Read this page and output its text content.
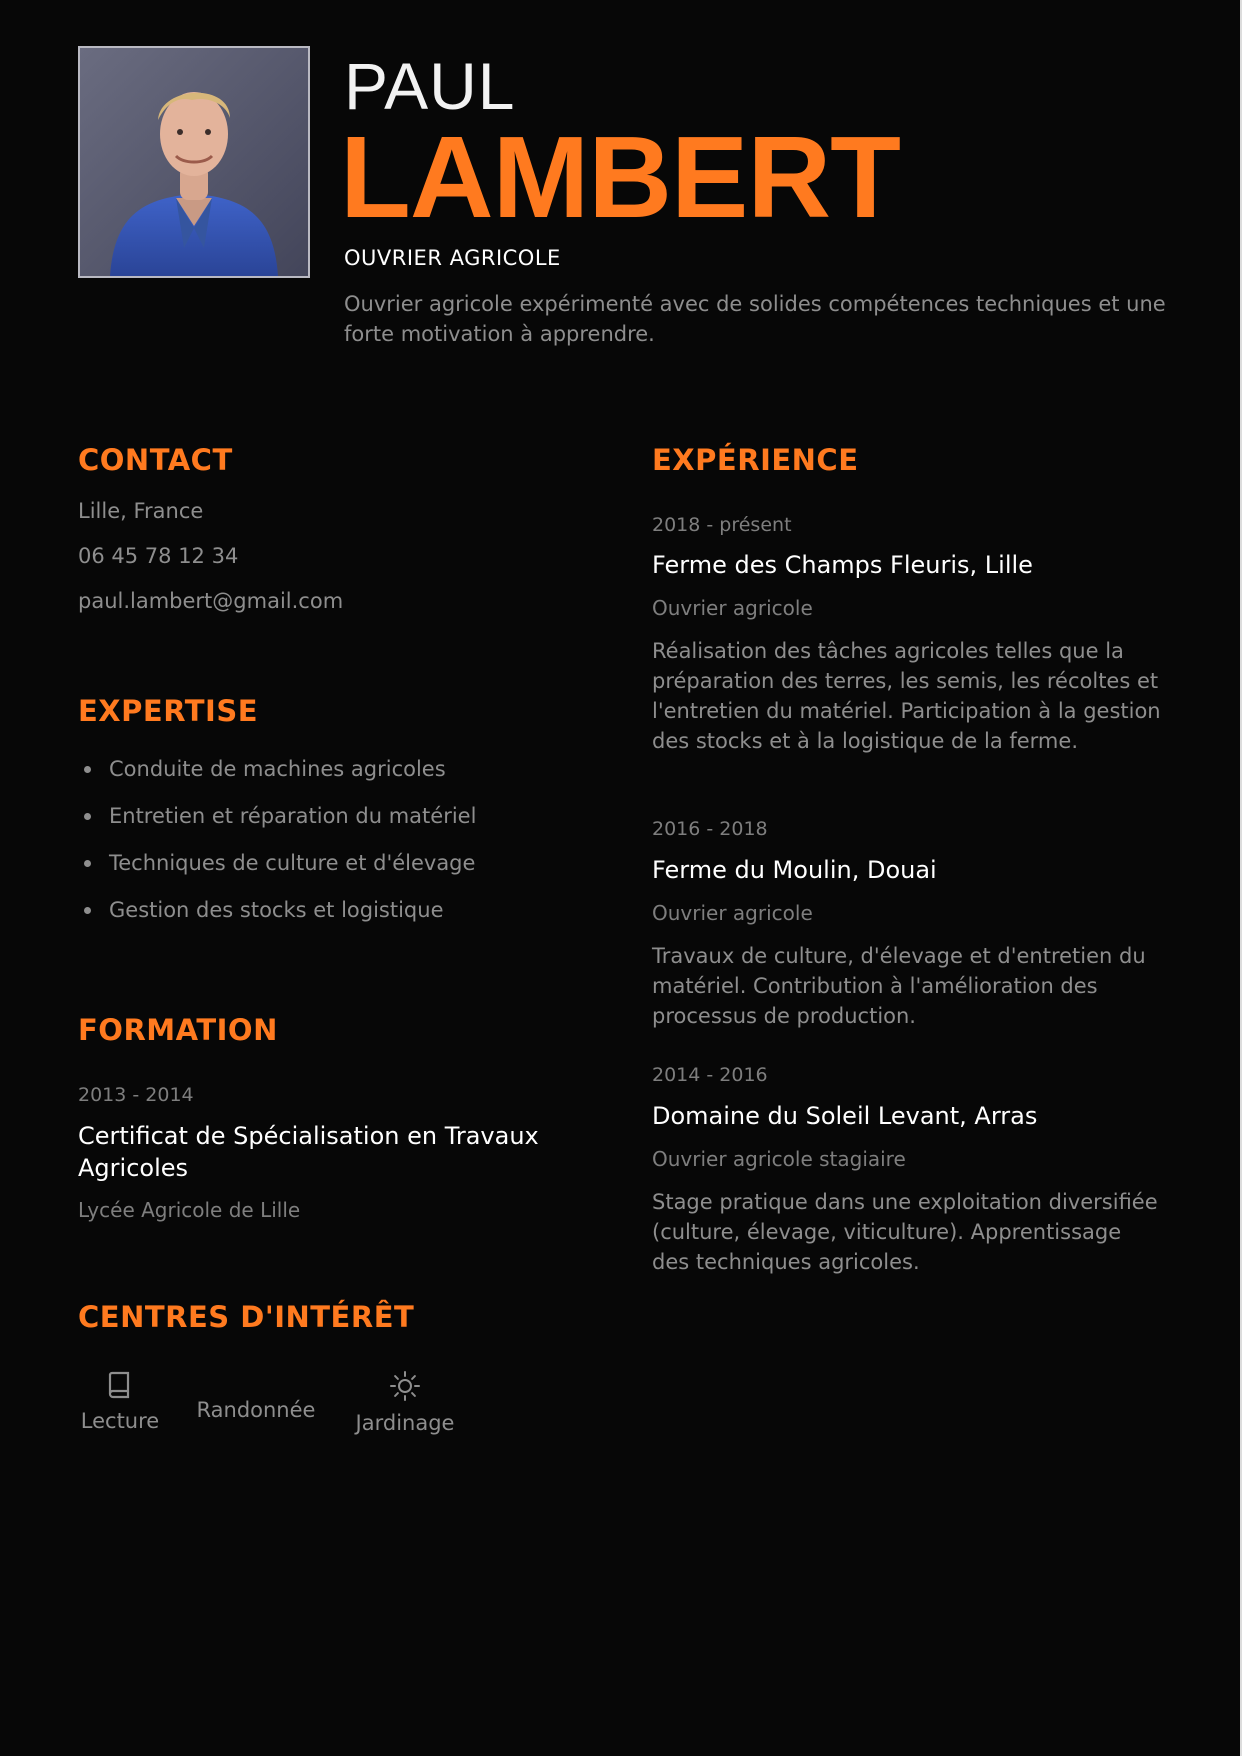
PAUL
LAMBERT
OUVRIER AGRICOLE
Ouvrier agricole expérimenté avec de solides compétences techniques et une forte motivation à apprendre.
CONTACT
Lille, France
06 45 78 12 34
paul.lambert@gmail.com
EXPERTISE
Conduite de machines agricoles
Entretien et réparation du matériel
Techniques de culture et d'élevage
Gestion des stocks et logistique
FORMATION
2013 - 2014
Certificat de Spécialisation en Travaux Agricoles
Lycée Agricole de Lille
CENTRES D'INTÉRÊT
Lecture Randonnée
Jardinage
EXPÉRIENCE
2018 - présent
Ferme des Champs Fleuris, Lille
Ouvrier agricole
Réalisation des tâches agricoles telles que la préparation des terres, les semis, les récoltes et l'entretien du matériel. Participation à la gestion des stocks et à la logistique de la ferme.
2016 - 2018
Ferme du Moulin, Douai
Ouvrier agricole
Travaux de culture, d'élevage et d'entretien du matériel. Contribution à l'amélioration des processus de production.
2014 - 2016
Domaine du Soleil Levant, Arras
Ouvrier agricole stagiaire
Stage pratique dans une exploitation diversifiée (culture, élevage, viticulture). Apprentissage des techniques agricoles.
